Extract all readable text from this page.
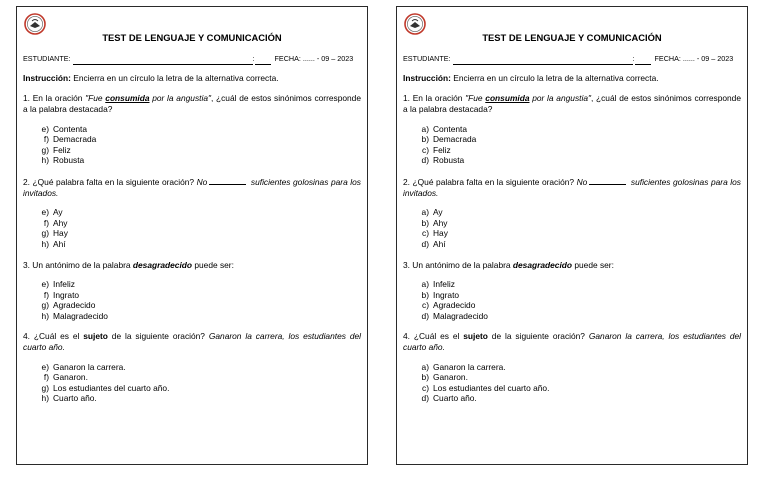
TEST DE LENGUAJE Y COMUNICACIÓN
ESTUDIANTE:	:	FECHA: ...... - 09 – 2023
Instrucción: Encierra en un círculo la letra de la alternativa correcta.
1. En la oración "Fue consumida por la angustia", ¿cuál de estos sinónimos corresponde a la palabra destacada?
e) Contenta
f) Demacrada
g) Feliz
h) Robusta
2. ¿Qué palabra falta en la siguiente oración? No	suficientes golosinas para los invitados.
e) Ay
f) Ahy
g) Hay
h) Ahí
3. Un antónimo de la palabra desagradecido puede ser:
e) Infeliz
f) Ingrato
g) Agradecido
h) Malagradecido
4. ¿Cuál es el sujeto de la siguiente oración? Ganaron la carrera, los estudiantes del cuarto año.
e) Ganaron la carrera.
f) Ganaron.
g) Los estudiantes del cuarto año.
h) Cuarto año.
TEST DE LENGUAJE Y COMUNICACIÓN
ESTUDIANTE:	:	FECHA: ...... - 09 – 2023
Instrucción: Encierra en un círculo la letra de la alternativa correcta.
1. En la oración "Fue consumida por la angustia", ¿cuál de estos sinónimos corresponde a la palabra destacada?
a) Contenta
b) Demacrada
c) Feliz
d) Robusta
2. ¿Qué palabra falta en la siguiente oración? No	suficientes golosinas para los invitados.
a) Ay
b) Ahy
c) Hay
d) Ahí
3. Un antónimo de la palabra desagradecido puede ser:
a) Infeliz
b) Ingrato
c) Agradecido
d) Malagradecido
4. ¿Cuál es el sujeto de la siguiente oración? Ganaron la carrera, los estudiantes del cuarto año.
a) Ganaron la carrera.
b) Ganaron.
c) Los estudiantes del cuarto año.
d) Cuarto año.
